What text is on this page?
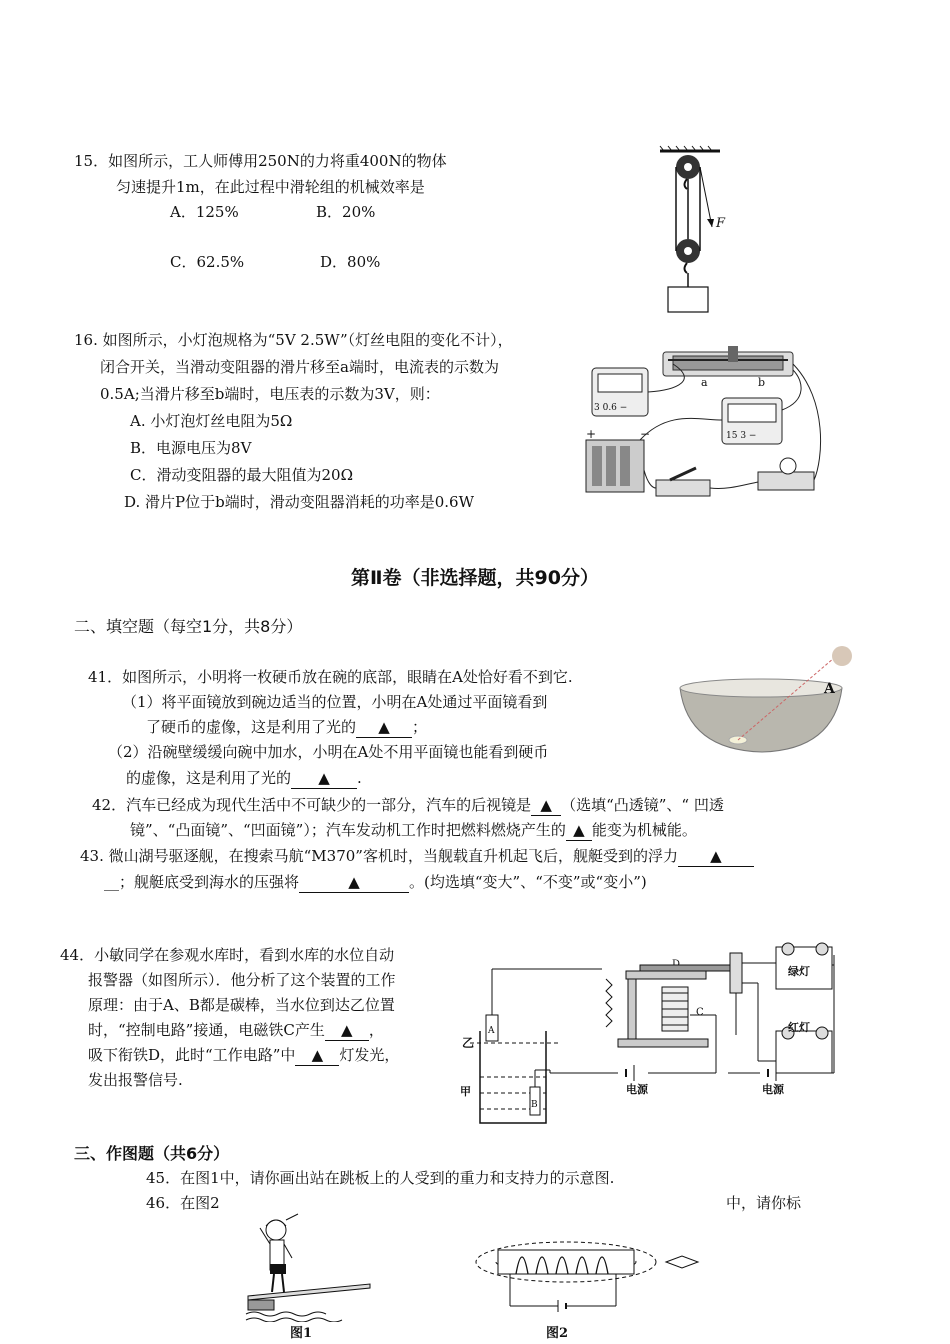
15．如图所示，工人师傅用250N的力将重400N的物体
匀速提升1m，在此过程中滑轮组的机械效率是
A．125%	B．20%
C．62.5%	D．80%
F
16. 如图所示，小灯泡规格为“5V 2.5W”（灯丝电阻的变化不计），
闭合开关，当滑动变阻器的滑片移至a端时，电流表的示数为
0.5A;当滑片移至b端时，电压表的示数为3V，则：
A. 小灯泡灯丝电阻为5Ω
B．电源电压为8V
C．滑动变阻器的最大阻值为20Ω
D. 滑片P位于b端时，滑动变阻器消耗的功率是0.6W
a	b
3 0.6 −
15 3 −
+	−
第Ⅱ卷（非选择题，共90分）
二、填空题（每空1分，共8分）
41．如图所示，小明将一枚硬币放在碗的底部，眼睛在A处恰好看不到它.
（1）将平面镜放到碗边适当的位置，小明在A处通过平面镜看到
了硬币的虚像，这是利用了光的 ▲ ；
（2）沿碗壁缓缓向碗中加水，小明在A处不用平面镜也能看到硬币
的虚像，这是利用了光的 ▲ .
A
42．汽车已经成为现代生活中不可缺少的一部分，汽车的后视镜是 ▲ （选填“凸透镜”、“ 凹透
镜”、“凸面镜”、“凹面镜”）；汽车发动机工作时把燃料燃烧产生的 ▲ 能变为机械能。
43. 微山湖号驱逐舰，在搜索马航“M370”客机时，当舰载直升机起飞后，舰艇受到的浮力 ▲
__；舰艇底受到海水的压强将	▲	。(均选填“变大”、“不变”或“变小”)
44．小敏同学在参观水库时，看到水库的水位自动
报警器（如图所示）．他分析了这个装置的工作
原理：由于A、B都是碳棒，当水位到达乙位置
时，“控制电路”接通，电磁铁C产生 ▲ ，
吸下衔铁D，此时“工作电路”中 ▲ 灯发光，
发出报警信号.
A
B
乙
甲	电源
C
绿灯
红灯
电源
三、作图题（共6分）
45．在图1中，请你画出站在跳板上的人受到的重力和支持力的示意图.
46．在图2	中，请你标
图1	图2
